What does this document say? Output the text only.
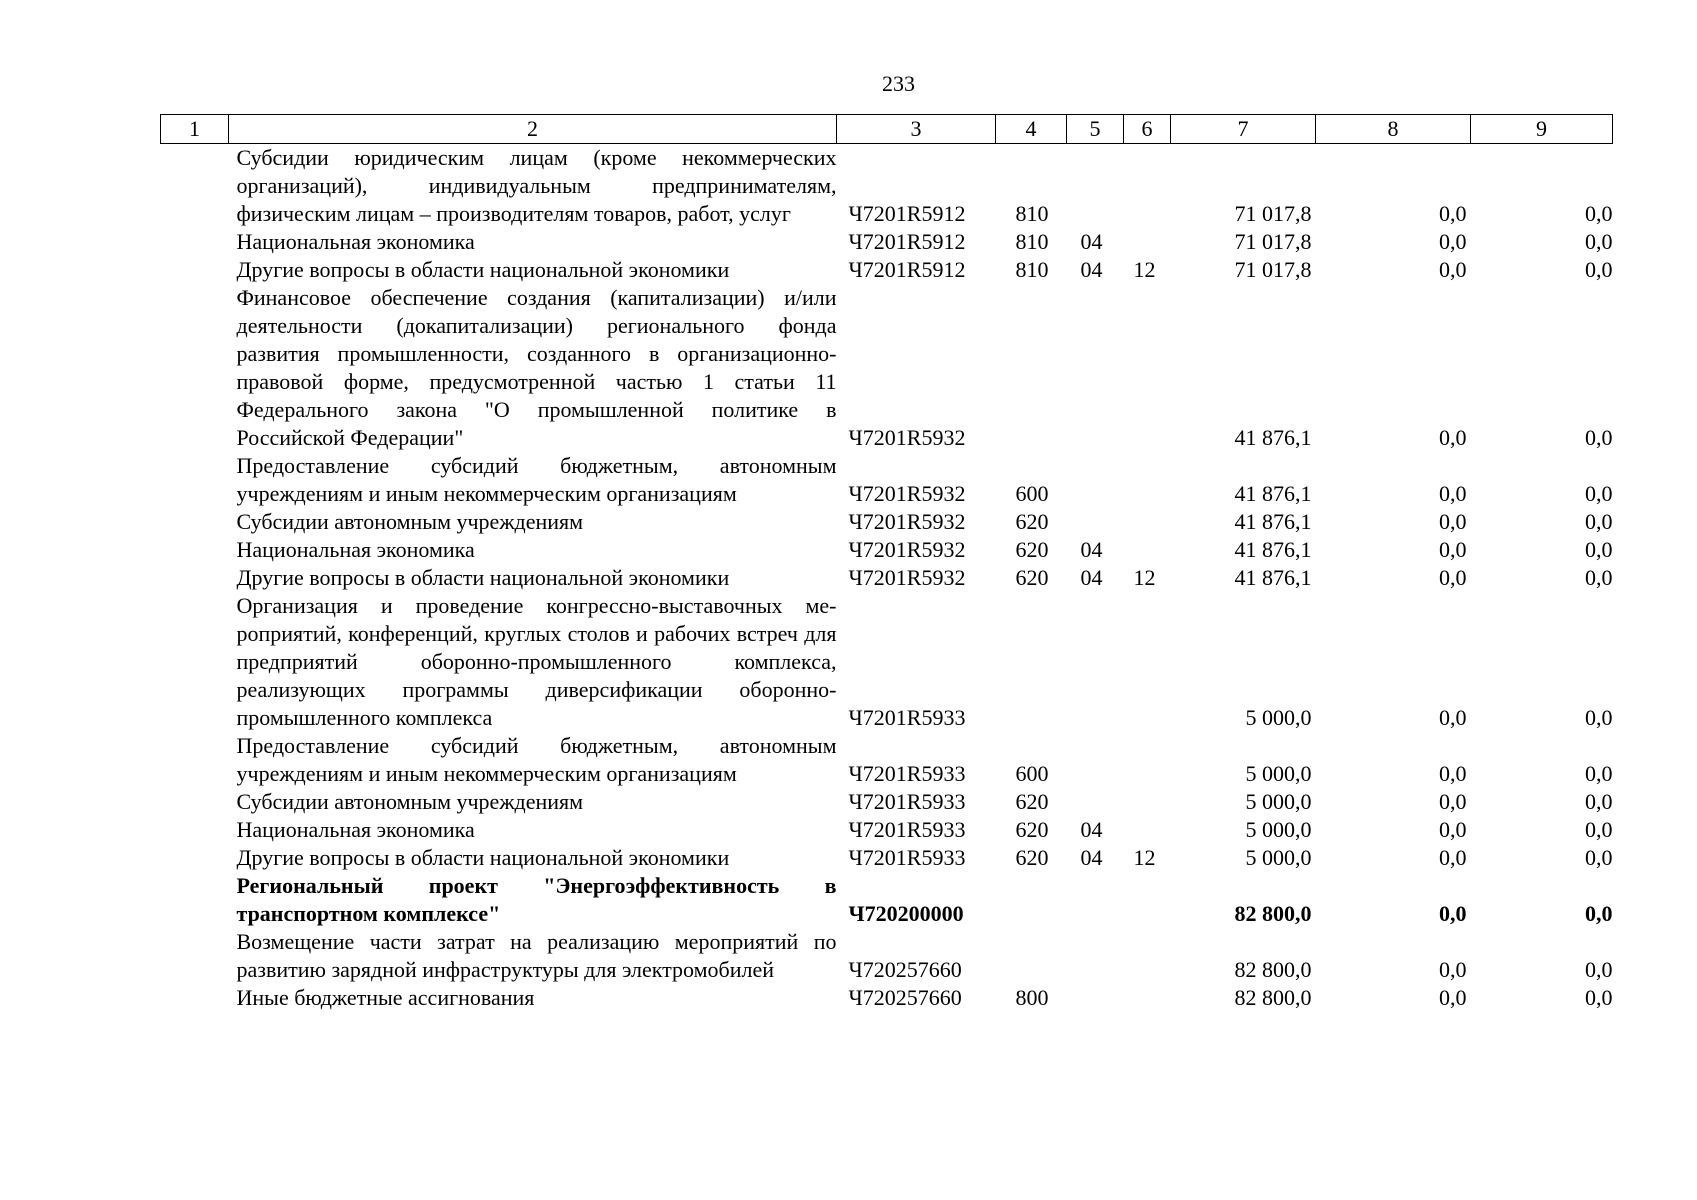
233
1	2	3	4	5	6	7	8	9
	Субсидии юридическим лицам (кроме некоммерческих организаций), индивидуальным предпринимателям, физическим лицам – производителям товаров, работ, услуг	Ч7201R5912	810			71 017,8	0,0	0,0
	Национальная экономика	Ч7201R5912	810	04		71 017,8	0,0	0,0
	Другие вопросы в области национальной экономики	Ч7201R5912	810	04	12	71 017,8	0,0	0,0
	Финансовое обеспечение создания (капитализации) и/или деятельности (докапитализации) регионального фонда развития промышленности, созданного в организационно-правовой форме, предусмотренной частью 1 статьи 11 Федерального закона "О промышленной политике в Российской Федерации"	Ч7201R5932				41 876,1	0,0	0,0
	Предоставление субсидий бюджетным, автономным учреждениям и иным некоммерческим организациям	Ч7201R5932	600			41 876,1	0,0	0,0
	Субсидии автономным учреждениям	Ч7201R5932	620			41 876,1	0,0	0,0
	Национальная экономика	Ч7201R5932	620	04		41 876,1	0,0	0,0
	Другие вопросы в области национальной экономики	Ч7201R5932	620	04	12	41 876,1	0,0	0,0
	Организация и проведение конгрессно-выставочных мероприятий, конференций, круглых столов и рабочих встреч для предприятий оборонно-промышленного комплекса, реализующих программы диверсификации оборонно-промышленного комплекса	Ч7201R5933				5 000,0	0,0	0,0
	Предоставление субсидий бюджетным, автономным учреждениям и иным некоммерческим организациям	Ч7201R5933	600			5 000,0	0,0	0,0
	Субсидии автономным учреждениям	Ч7201R5933	620			5 000,0	0,0	0,0
	Национальная экономика	Ч7201R5933	620	04		5 000,0	0,0	0,0
	Другие вопросы в области национальной экономики	Ч7201R5933	620	04	12	5 000,0	0,0	0,0
	Региональный проект "Энергоэффективность в транспортном комплексе"	Ч720200000				82 800,0	0,0	0,0
	Возмещение части затрат на реализацию мероприятий по развитию зарядной инфраструктуры для электромобилей	Ч720257660				82 800,0	0,0	0,0
	Иные бюджетные ассигнования	Ч720257660	800			82 800,0	0,0	0,0
